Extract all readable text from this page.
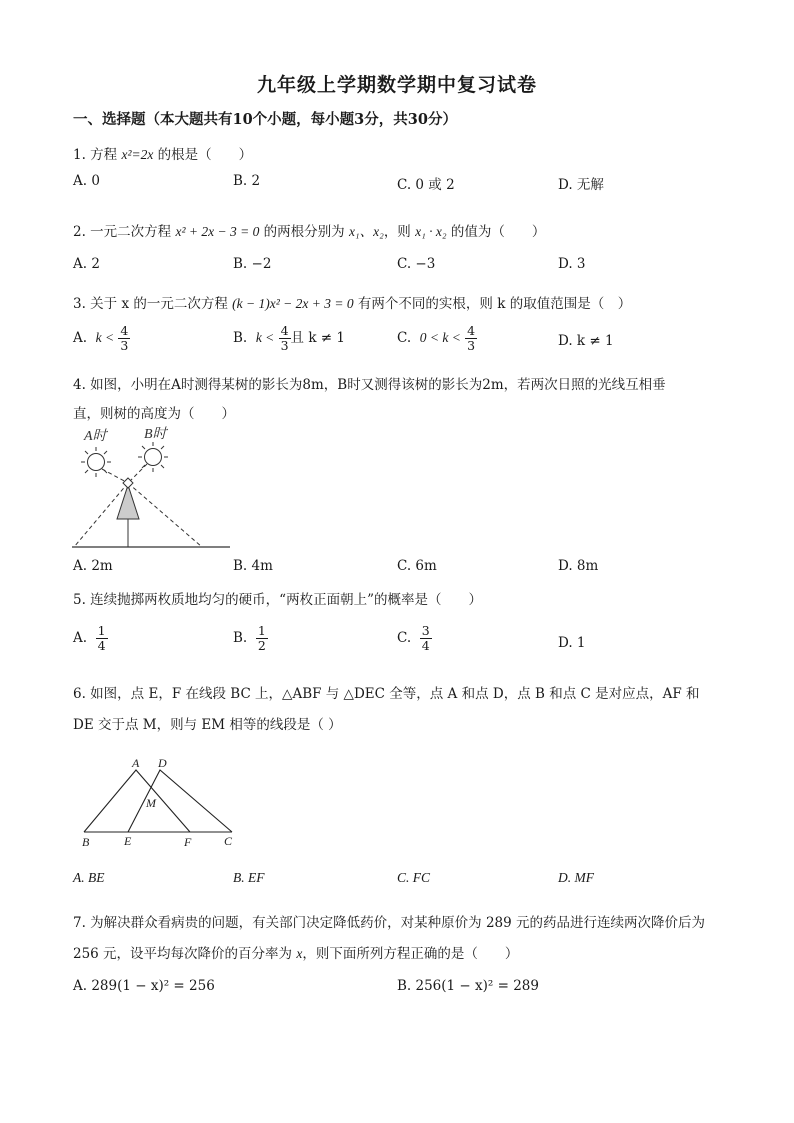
九年级上学期数学期中复习试卷
一、选择题（本大题共有10个小题，每小题3分，共30分）
1. 方程 x²=2x 的根是（　　）
A. 0	B. 2	C. 0 或 2	D. 无解
2. 一元二次方程 x² + 2x − 3 = 0 的两根分别为 x₁、x₂，则 x₁ · x₂ 的值为（　　）
A. 2	B. −2	C. −3	D. 3
3. 关于 x 的一元二次方程 (k − 1)x² − 2x + 3 = 0 有两个不同的实根，则 k 的取值范围是（　）
A. $k < \frac{4}{3}$	B. $k < \frac{4}{3}$ 且 k ≠ 1	C. $0 < k < \frac{4}{3}$	D. k ≠ 1
4. 如图，小明在A时测得某树的影长为8m，B时又测得该树的影长为2m，若两次日照的光线互相垂
直，则树的高度为（　　）
A时	B时
A. 2m	B. 4m	C. 6m	D. 8m
5. 连续抛掷两枚质地均匀的硬币，“两枚正面朝上”的概率是（　　）
A. $\frac{1}{4}$	B. $\frac{1}{2}$	C. $\frac{3}{4}$	D. 1
6. 如图，点 E，F 在线段 BC 上，△ABF 与 △DEC 全等，点 A 和点 D，点 B 和点 C 是对应点，AF 和
DE 交于点 M，则与 EM 相等的线段是（ ）
A D
M
B	E	F	C
A. BE	B. EF	C. FC	D. MF
7. 为解决群众看病贵的问题，有关部门决定降低药价，对某种原价为 289 元的药品进行连续两次降价后为
256 元，设平均每次降价的百分率为 x，则下面所列方程正确的是（　　）
A. 289(1 − x)² = 256	B. 256(1 − x)² = 289
